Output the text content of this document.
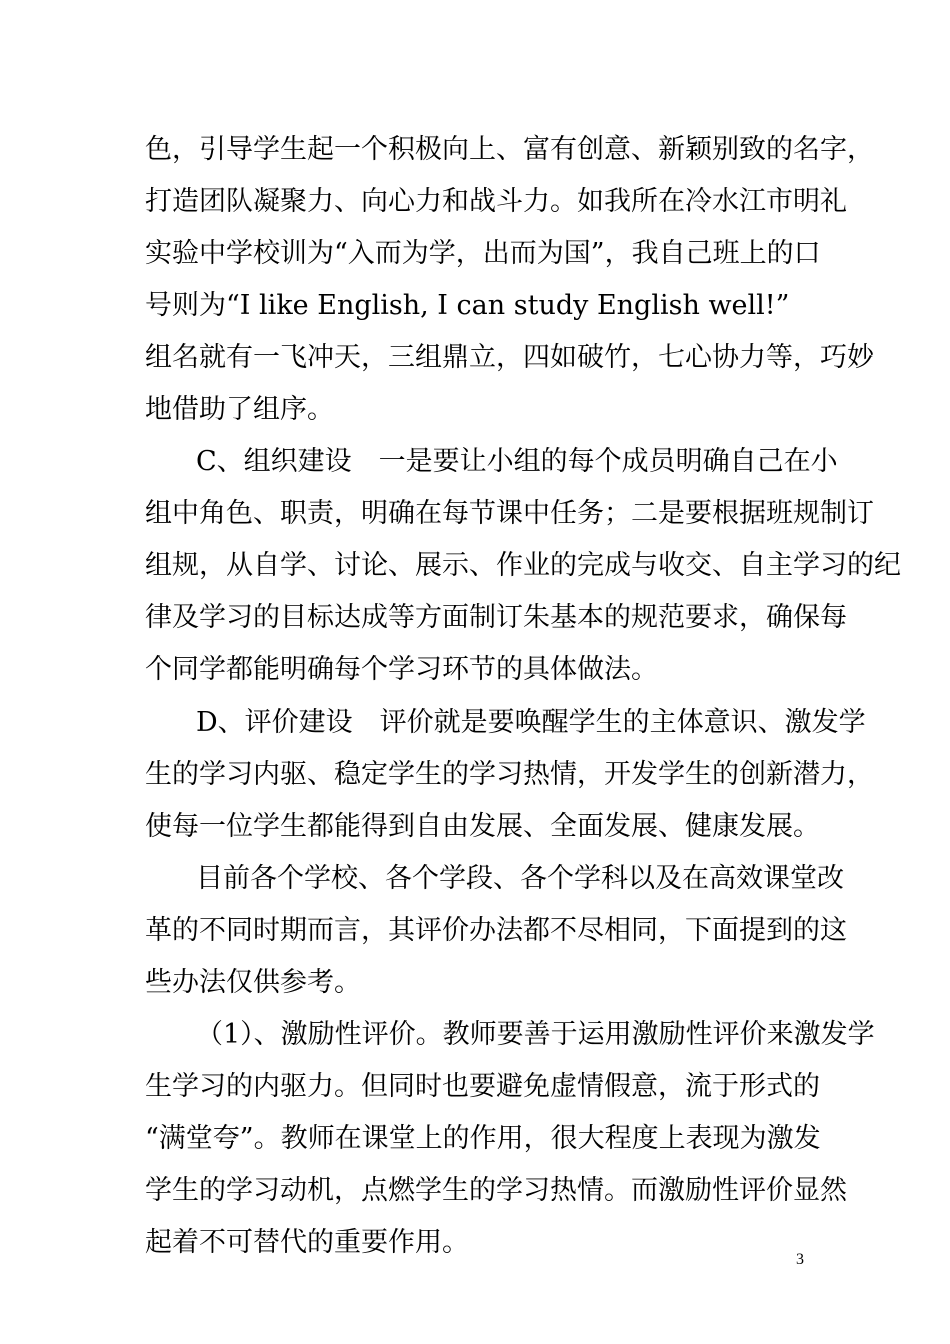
色，引导学生起一个积极向上、富有创意、新颖别致的名字，
打造团队凝聚力、向心力和战斗力。如我所在冷水江市明礼
实验中学校训为“入而为学，出而为国”，我自己班上的口
号则为“I like English, I can study English well!”
组名就有一飞冲天，三组鼎立，四如破竹，七心协力等，巧妙
地借助了组序。
C、组织建设　一是要让小组的每个成员明确自己在小
组中角色、职责，明确在每节课中任务；二是要根据班规制订
组规，从自学、讨论、展示、作业的完成与收交、自主学习的纪
律及学习的目标达成等方面制订朱基本的规范要求，确保每
个同学都能明确每个学习环节的具体做法。
D、评价建设　评价就是要唤醒学生的主体意识、激发学
生的学习内驱、稳定学生的学习热情，开发学生的创新潜力，
使每一位学生都能得到自由发展、全面发展、健康发展。
目前各个学校、各个学段、各个学科以及在高效课堂改
革的不同时期而言，其评价办法都不尽相同，下面提到的这
些办法仅供参考。
（1）、激励性评价。教师要善于运用激励性评价来激发学
生学习的内驱力。但同时也要避免虚情假意，流于形式的
“满堂夸”。教师在课堂上的作用，很大程度上表现为激发
学生的学习动机，点燃学生的学习热情。而激励性评价显然
起着不可替代的重要作用。
3
